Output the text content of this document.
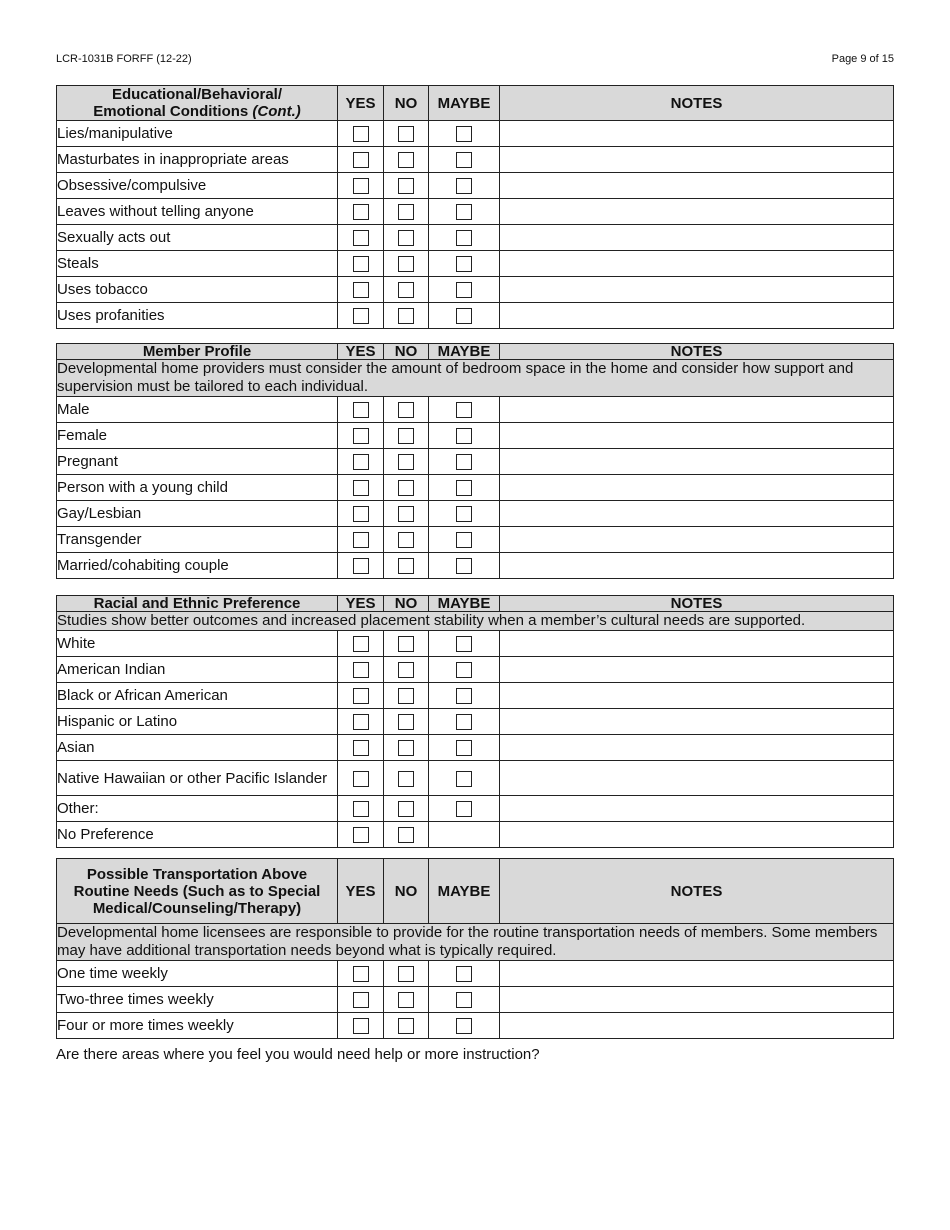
LCR-1031B FORFF (12-22)	Page 9 of 15
Educational/Behavioral/
Emotional Conditions (Cont.)	YES	NO	MAYBE	NOTES
Lies/manipulative				
Masturbates in inappropriate areas				
Obsessive/compulsive				
Leaves without telling anyone				
Sexually acts out				
Steals				
Uses tobacco				
Uses profanities				
Member Profile	YES	NO	MAYBE	NOTES
Developmental home providers must consider the amount of bedroom space in the home and consider how support and supervision must be tailored to each individual.				
Male				
Female				
Pregnant				
Person with a young child				
Gay/Lesbian				
Transgender				
Married/cohabiting couple				
Racial and Ethnic Preference	YES	NO	MAYBE	NOTES
Studies show better outcomes and increased placement stability when a member’s cultural needs are supported.				
White				
American Indian				
Black or African American				
Hispanic or Latino				
Asian				
Native Hawaiian or other Pacific Islander				
Other:				
No Preference				
Possible Transportation Above Routine Needs (Such as to Special Medical/Counseling/Therapy)	YES	NO	MAYBE	NOTES
Developmental home licensees are responsible to provide for the routine transportation needs of members. Some members may have additional transportation needs beyond what is typically required.				
One time weekly				
Two-three times weekly				
Four or more times weekly				
Are there areas where you feel you would need help or more instruction?
